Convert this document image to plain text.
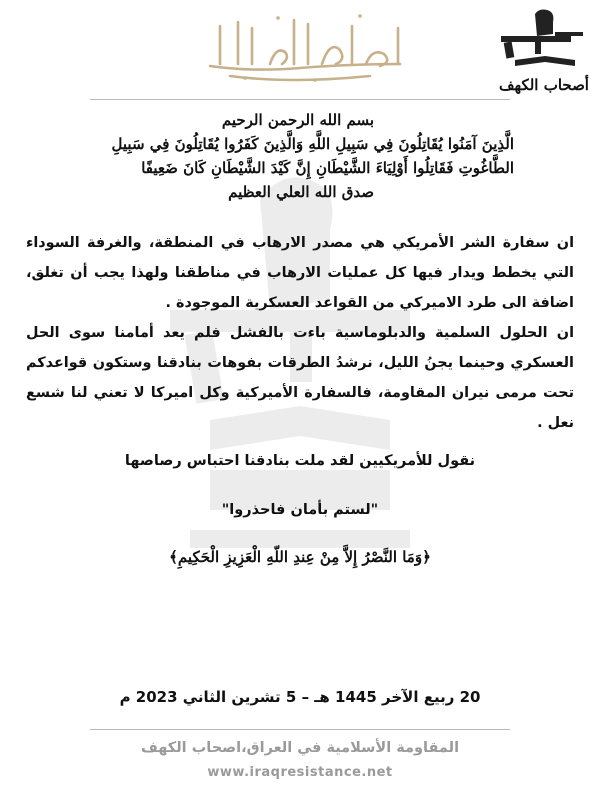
أصحاب الكهف

بسم الله الرحمن الرحيم

الَّذِينَ آمَنُوا يُقَاتِلُونَ فِي سَبِيلِ اللَّهِ وَالَّذِينَ كَفَرُوا يُقَاتِلُونَ فِي سَبِيلِ

الطَّاغُوتِ فَقَاتِلُوا أَوْلِيَاءَ الشَّيْطَانِ إِنَّ كَيْدَ الشَّيْطَانِ كَانَ ضَعِيفًا

صدق الله العلي العظيم

ان سفارة الشر الأمريكي هي مصدر الارهاب في المنطقة، والغرفة السوداء التي يخطط ويدار فيها كل عمليات الارهاب في مناطقنا ولهذا يجب أن تغلق، اضافة الى طرد الاميركي من القواعد العسكرية الموجودة .

ان الحلول السلمية والدبلوماسية باءت بالفشل فلم يعد أمامنا سوى الحل العسكري وحينما يجنُ الليل، نرشدُ الطرقات بفوهات بنادقنا وستكون قواعدكم تحت مرمى نيران المقاومة، فالسفارة الأميركية وكل اميركا لا تعني لنا شسع نعل .

نقول للأمريكيين لقد ملت بنادقنا احتباس رصاصها
"لستم بأمان فاحذروا"
﴿وَمَا النَّصْرُ إِلاَّ مِنْ عِندِ اللّهِ الْعَزِيزِ الْحَكِيمِ﴾
20 ربيع الآخر 1445 هـ – 5 تشرين الثاني 2023 م
المقاومة الأسلامية في العراق،اصحاب الكهف
www.iraqresistance.net
